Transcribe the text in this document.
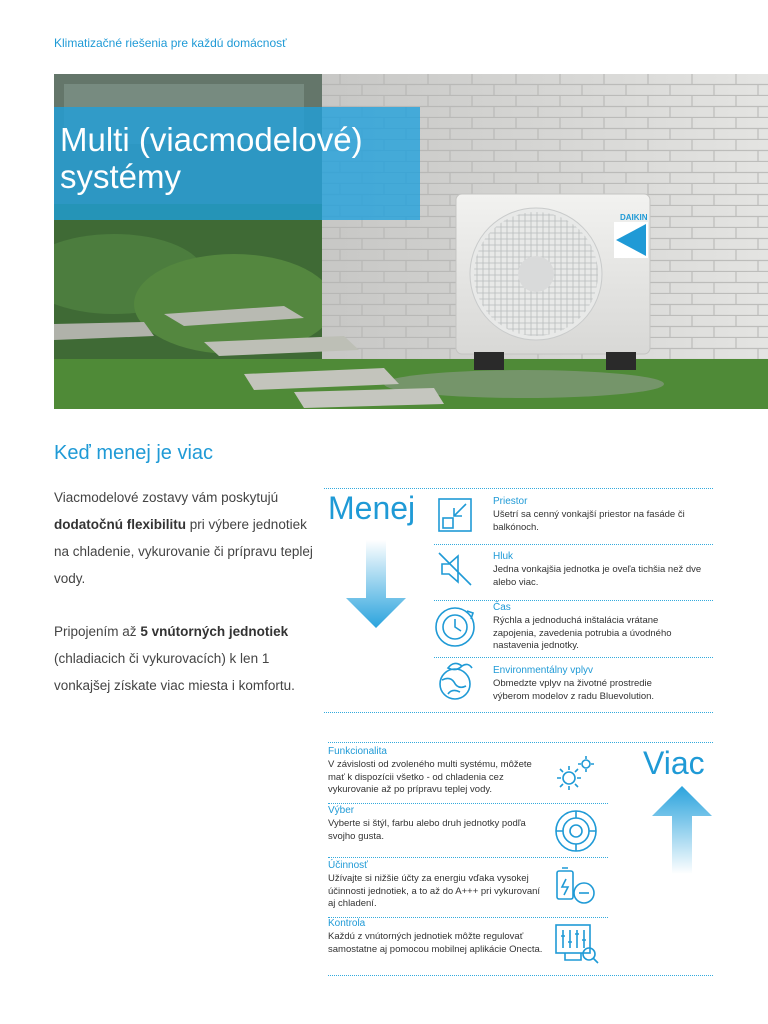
Klimatizačné riešenia pre každú domácnosť
DAIKIN
Multi (viacmodelové)
systémy
Keď menej je viac
Viacmodelové zostavy vám poskytujú dodatočnú flexibilitu pri výbere jednotiek na chladenie, vykurovanie či prípravu teplej vody.
Pripojením až 5 vnútorných jednotiek (chladiacich či vykurovacích) k len 1 vonkajšej získate viac miesta i komfortu.
Menej	Priestor
Ušetrí sa cenný vonkajší priestor na fasáde či balkónoch.
Hluk
Jedna vonkajšia jednotka je oveľa tichšia než dve alebo viac.
Čas
Rýchla a jednoduchá inštalácia vrátane zapojenia, zavedenia potrubia a úvodného nastavenia jednotky.
Environmentálny vplyv
Obmedzte vplyv na životné prostredie výberom modelov z radu Bluevolution.
Viac
Funkcionalita
V závislosti od zvoleného multi systému, môžete mať k dispozícii všetko - od chladenia cez vykurovanie až po prípravu teplej vody.
Výber
Vyberte si štýl, farbu alebo druh jednotky podľa svojho gusta.
Účinnosť
Užívajte si nižšie účty za energiu vďaka vysokej účinnosti jednotiek, a to až do A+++ pri vykurovaní aj chladení.
Kontrola
Každú z vnútorných jednotiek môžte regulovať samostatne aj pomocou mobilnej aplikácie Onecta.
